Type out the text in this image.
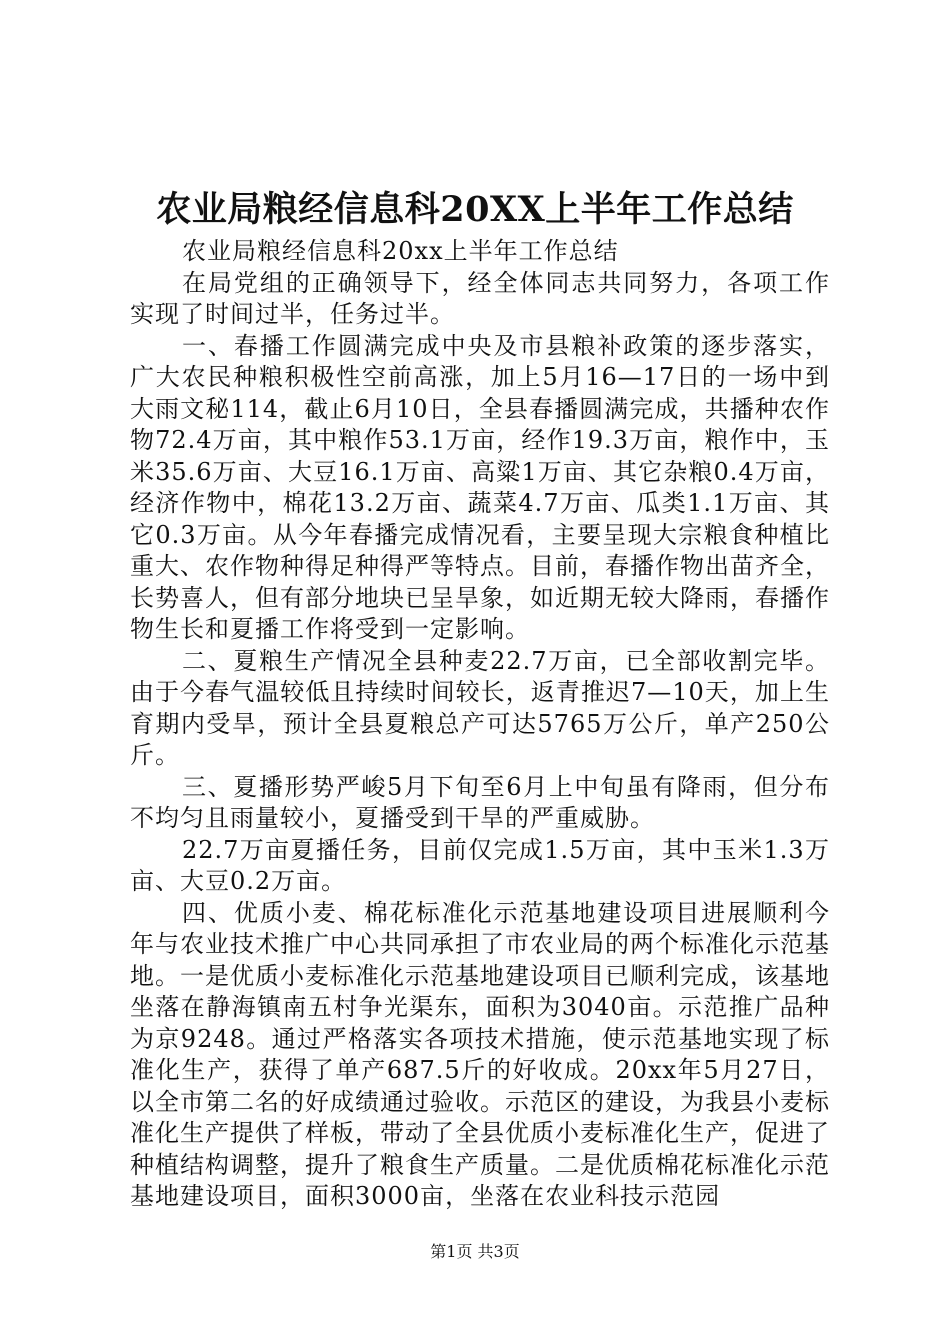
农业局粮经信息科20XX上半年工作总结

农业局粮经信息科20xx上半年工作总结

在局党组的正确领导下，经全体同志共同努力，各项工作实现了时间过半，任务过半。

一、春播工作圆满完成中央及市县粮补政策的逐步落实，广大农民种粮积极性空前高涨，加上5月16—17日的一场中到大雨文秘114，截止6月10日，全县春播圆满完成，共播种农作物72.4万亩，其中粮作53.1万亩，经作19.3万亩，粮作中，玉米35.6万亩、大豆16.1万亩、高粱1万亩、其它杂粮0.4万亩，经济作物中，棉花13.2万亩、蔬菜4.7万亩、瓜类1.1万亩、其它0.3万亩。从今年春播完成情况看，主要呈现大宗粮食种植比重大、农作物种得足种得严等特点。目前，春播作物出苗齐全，长势喜人，但有部分地块已呈旱象，如近期无较大降雨，春播作物生长和夏播工作将受到一定影响。

二、夏粮生产情况全县种麦22.7万亩，已全部收割完毕。由于今春气温较低且持续时间较长，返青推迟7—10天，加上生育期内受旱，预计全县夏粮总产可达5765万公斤，单产250公斤。

三、夏播形势严峻5月下旬至6月上中旬虽有降雨，但分布不均匀且雨量较小，夏播受到干旱的严重威胁。

22.7万亩夏播任务，目前仅完成1.5万亩，其中玉米1.3万亩、大豆0.2万亩。

四、优质小麦、棉花标准化示范基地建设项目进展顺利今年与农业技术推广中心共同承担了市农业局的两个标准化示范基地。一是优质小麦标准化示范基地建设项目已顺利完成，该基地坐落在静海镇南五村争光渠东，面积为3040亩。示范推广品种为京9248。通过严格落实各项技术措施，使示范基地实现了标准化生产，获得了单产687.5斤的好收成。20xx年5月27日，以全市第二名的好成绩通过验收。示范区的建设，为我县小麦标准化生产提供了样板，带动了全县优质小麦标准化生产，促进了种植结构调整，提升了粮食生产质量。二是优质棉花标准化示范基地建设项目，面积3000亩，坐落在农业科技示范园

第1页 共3页
